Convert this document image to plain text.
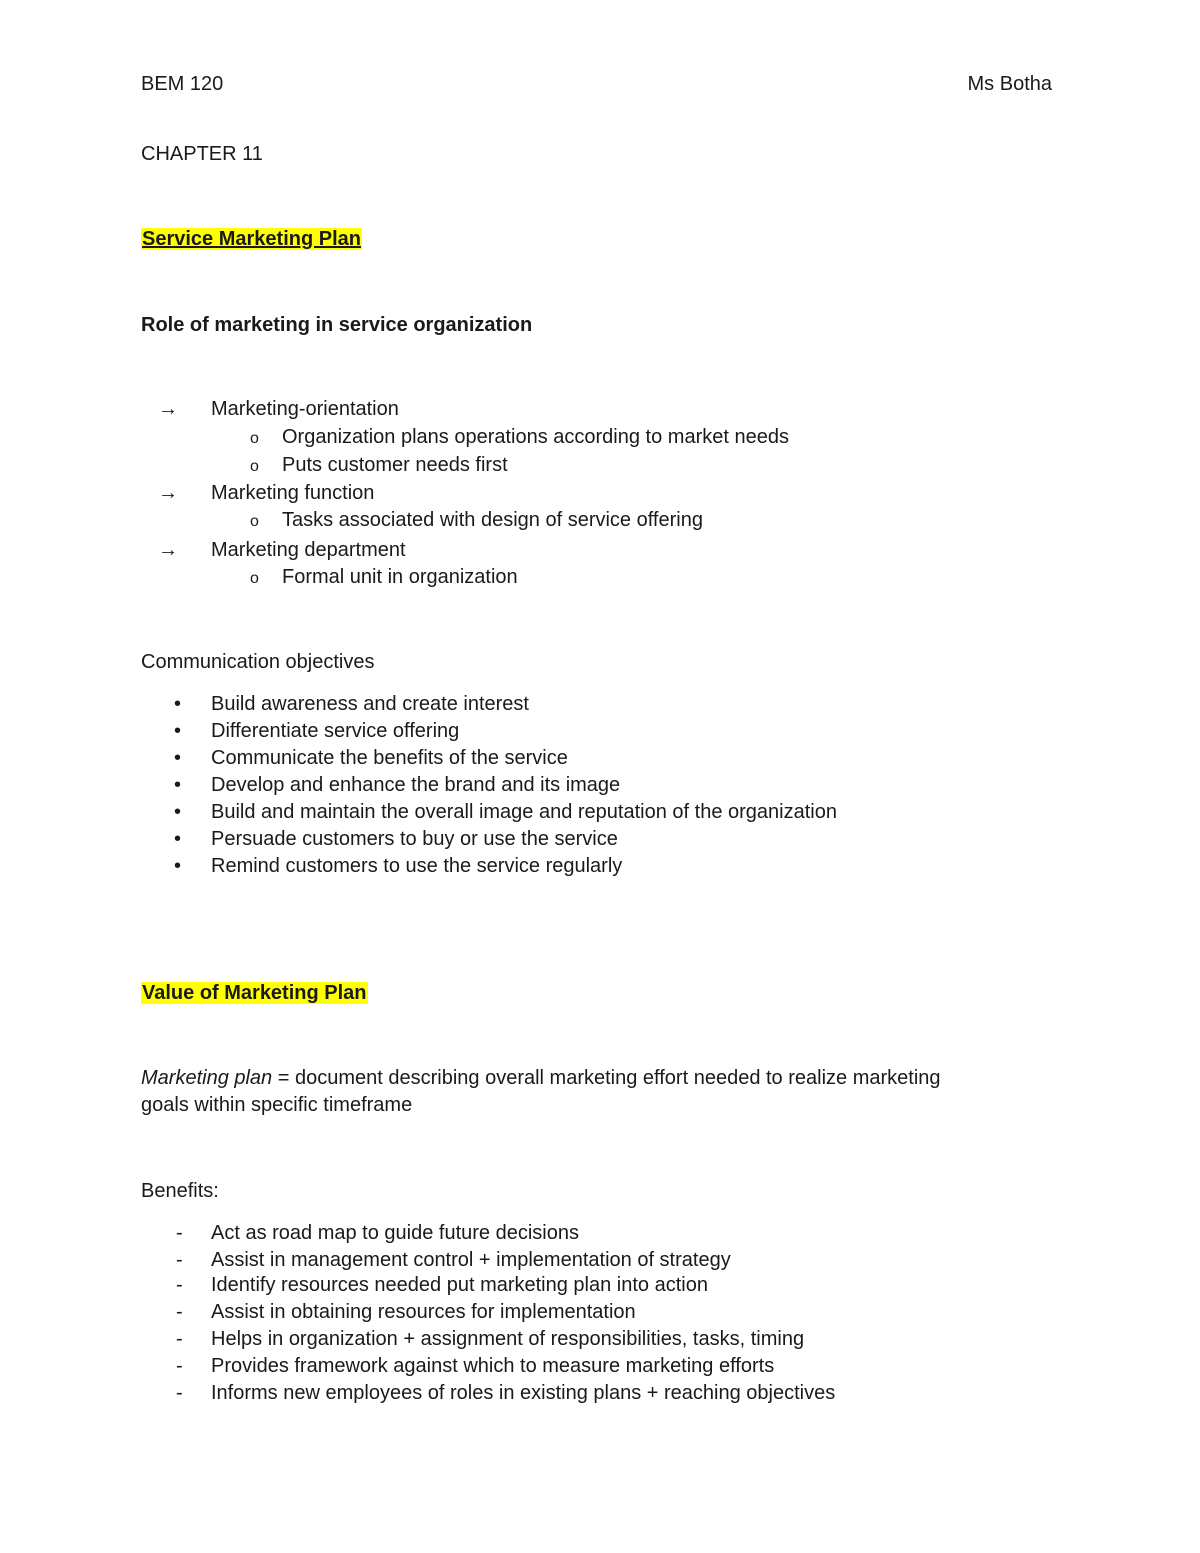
BEM 120	Ms Botha
CHAPTER 11
Service Marketing Plan
Role of marketing in service organization
→ Marketing-orientation
o Organization plans operations according to market needs
o Puts customer needs first
→ Marketing function
o Tasks associated with design of service offering
→ Marketing department
o Formal unit in organization
Communication objectives
• Build awareness and create interest
• Differentiate service offering
• Communicate the benefits of the service
• Develop and enhance the brand and its image
• Build and maintain the overall image and reputation of the organization
• Persuade customers to buy or use the service
• Remind customers to use the service regularly
Value of Marketing Plan
Marketing plan = document describing overall marketing effort needed to realize marketing
goals within specific timeframe
Benefits:
- Act as road map to guide future decisions
- Assist in management control + implementation of strategy
- Identify resources needed put marketing plan into action
- Assist in obtaining resources for implementation
- Helps in organization + assignment of responsibilities, tasks, timing
- Provides framework against which to measure marketing efforts
- Informs new employees of roles in existing plans + reaching objectives
